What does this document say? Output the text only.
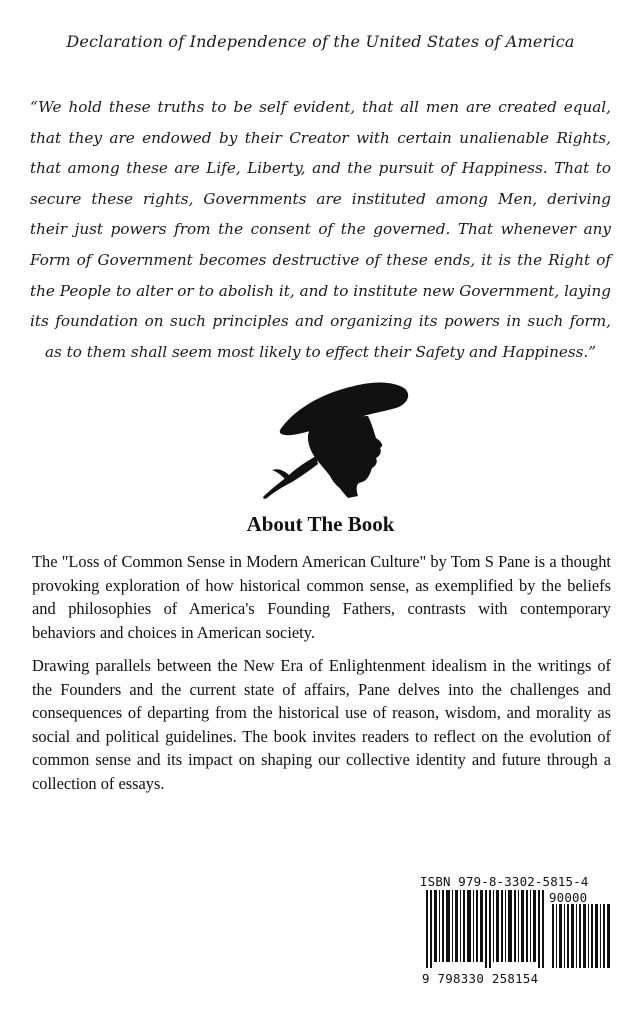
Declaration of Independence of the United States of America
“We hold these truths to be self evident, that all men are created equal, that they are endowed by their Creator with certain unalienable Rights, that among these are Life, Liberty, and the pursuit of Happiness. That to secure these rights, Governments are instituted among Men, deriving their just powers from the consent of the governed. That whenever any Form of Government becomes destructive of these ends, it is the Right of the People to alter or to abolish it, and to institute new Government, laying its foundation on such principles and organizing its powers in such form, as to them shall seem most likely to effect their Safety and Happiness.”
About The Book
The "Loss of Common Sense in Modern American Culture" by Tom S Pane is a thought provoking exploration of how historical common sense, as exemplified by the beliefs and philosophies of America's Founding Fathers, contrasts with contemporary behaviors and choices in American society.
Drawing parallels between the New Era of Enlightenment idealism in the writings of the Founders and the current state of affairs, Pane delves into the challenges and consequences of departing from the historical use of reason, wisdom, and morality as social and political guidelines. The book invites readers to reflect on the evolution of common sense and its impact on shaping our collective identity and future through a collection of essays.
ISBN 979-8-3302-5815-4
90000
9 798330 258154
